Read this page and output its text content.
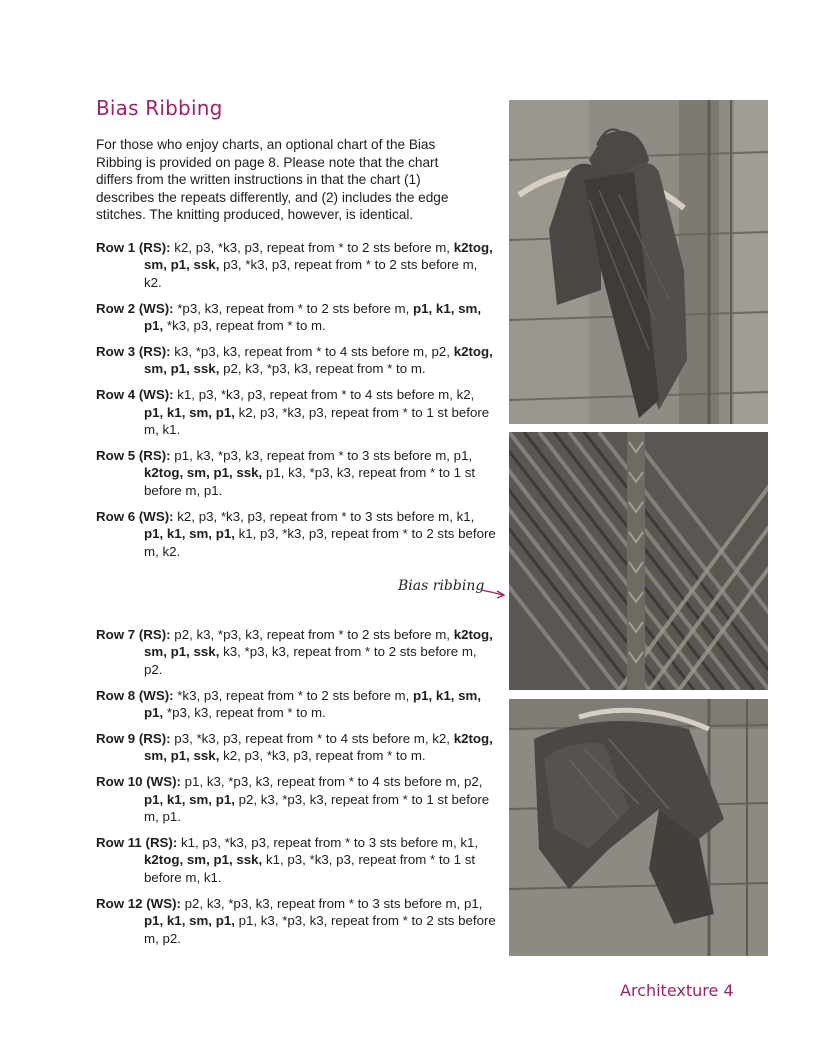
Bias Ribbing

For those who enjoy charts, an optional chart of the Bias Ribbing is provided on page 8. Please note that the chart differs from the written instructions in that the chart (1) describes the repeats differently, and (2) includes the edge stitches. The knitting produced, however, is identical.

Row 1 (RS): k2, p3, *k3, p3, repeat from * to 2 sts before m, k2tog, sm, p1, ssk, p3, *k3, p3, repeat from * to 2 sts before m, k2.

Row 2 (WS): *p3, k3, repeat from * to 2 sts before m, p1, k1, sm, p1, *k3, p3, repeat from * to m.

Row 3 (RS): k3, *p3, k3, repeat from * to 4 sts before m, p2, k2tog, sm, p1, ssk, p2, k3, *p3, k3, repeat from * to m.

Row 4 (WS): k1, p3, *k3, p3, repeat from * to 4 sts before m, k2, p1, k1, sm, p1, k2, p3, *k3, p3, repeat from * to 1 st before m, k1.

Row 5 (RS): p1, k3, *p3, k3, repeat from * to 3 sts before m, p1, k2tog, sm, p1, ssk, p1, k3, *p3, k3, repeat from * to 1 st before m, p1.

Row 6 (WS): k2, p3, *k3, p3, repeat from * to 3 sts before m, k1, p1, k1, sm, p1, k1, p3, *k3, p3, repeat from * to 2 sts before m, k2.

Bias ribbing

Row 7 (RS): p2, k3, *p3, k3, repeat from * to 2 sts before m, k2tog, sm, p1, ssk, k3, *p3, k3, repeat from * to 2 sts before m, p2.

Row 8 (WS): *k3, p3, repeat from * to 2 sts before m, p1, k1, sm, p1, *p3, k3, repeat from * to m.

Row 9 (RS): p3, *k3, p3, repeat from * to 4 sts before m, k2, k2tog, sm, p1, ssk, k2, p3, *k3, p3, repeat from * to m.

Row 10 (WS): p1, k3, *p3, k3, repeat from * to 4 sts before m, p2, p1, k1, sm, p1, p2, k3, *p3, k3, repeat from * to 1 st before m, p1.

Row 11 (RS): k1, p3, *k3, p3, repeat from * to 3 sts before m, k1, k2tog, sm, p1, ssk, k1, p3, *k3, p3, repeat from * to 1 st before m, k1.

Row 12 (WS): p2, k3, *p3, k3, repeat from * to 3 sts before m, p1, p1, k1, sm, p1, p1, k3, *p3, k3, repeat from * to 2 sts before m, p2.

Architexture 4
